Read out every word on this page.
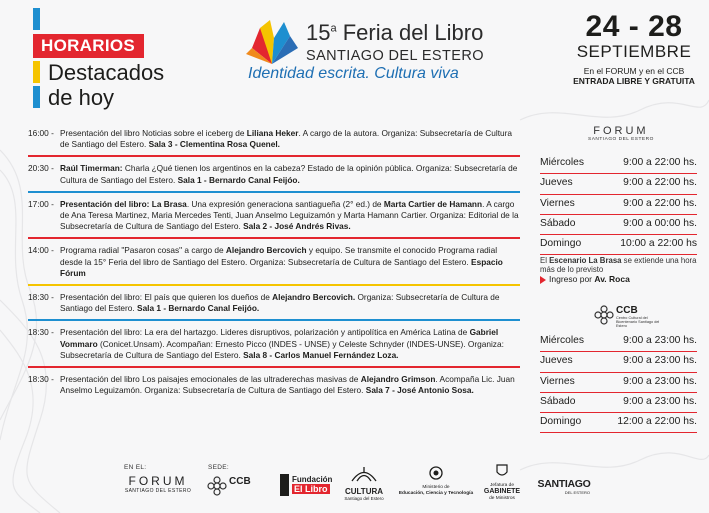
HORARIOS
Destacados
de hoy
15$^a$ Feria del Libro
SANTIAGO DEL ESTERO
Identidad escrita. Cultura viva
24 - 28
SEPTIEMBRE
En el FORUM y en el CCB
ENTRADA LIBRE Y GRATUITA
16:00 - Presentación del libro Noticias sobre el iceberg de Liliana Heker. A cargo de la autora. Organiza: Subsecretaría de Cultura de Santiago del Estero. Sala 3 - Clementina Rosa Quenel.
20:30 - Raúl Timerman: Charla ¿Qué tienen los argentinos en la cabeza? Estado de la opinión pública. Organiza: Subsecretaría de Cultura de Santiago del Estero. Sala 1 - Bernardo Canal Feijóo.
17:00 - Presentación del libro: La Brasa. Una expresión generaciona santiagueña (2° ed.) de Marta Cartier de Hamann. A cargo de Ana Teresa Martinez, Maria Mercedes Tenti, Juan Anselmo Leguizamón y Marta Hamann Cartier. Organiza: Editorial de la Subsecretaría de Cultura de Santiago del Estero. Sala 2 - José Andrés Rivas.
14:00 - Programa radial "Pasaron cosas" a cargo de Alejandro Bercovich y equipo. Se transmite el conocido Programa radial desde la 15° Feria del libro de Santiago del Estero. Organiza: Subsecretaría de Cultura de Santiago del Estero. Espacio Fórum
18:30 - Presentación del libro: El país que quieren los dueños de Alejandro Bercovich. Organiza: Subsecretaría de Cultura de Santiago del Estero. Sala 1 - Bernardo Canal Feijóo.
18:30 - Presentación del libro: La era del hartazgo. Lideres disruptivos, polarización y antipolítica en América Latina de Gabriel Vommaro (Conicet.Unsam). Acompañan: Ernesto Picco (INDES - UNSE) y Celeste Schnyder (INDES-UNSE). Organiza: Subsecretaría de Cultura de Santiago del Estero. Sala 8 - Carlos Manuel Fernández Loza.
18:30 - Presentación del libro Los paisajes emocionales de las ultraderechas masivas de Alejandro Grimson. Acompaña Lic. Juan Anselmo Leguizamón. Organiza: Subsecretaría de Cultura de Santiago del Estero. Sala 7 - José Antonio Sosa.
FORUM
SANTIAGO DEL ESTERO
Miércoles	9:00 a 22:00 hs.
Jueves	9:00 a 22:00 hs.
Viernes	9:00 a 22:00 hs.
Sábado	9:00 a 00:00 hs.
Domingo	10:00 a 22:00 hs
El Escenario La Brasa se extiende una hora más de lo previsto
Ingreso por Av. Roca
CCB
Centro Cultural del Bicentenario Santiago del Estero
Miércoles	9:00 a 23:00 hs.
Jueves	9:00 a 23:00 hs.
Viernes	9:00 a 23:00 hs.
Sábado	9:00 a 23:00 hs.
Domingo	12:00 a 22:00 hs.
EN EL:	SEDE:
FORUM
SANTIAGO DEL ESTERO
CCB	Fundación
El Libro	CULTURA
Santiago del Estero
Ministerio de
Educación, Ciencia y Tecnología
Jefatura de
GABINETE
de Ministros
SANTIAGO
DEL ESTERO
